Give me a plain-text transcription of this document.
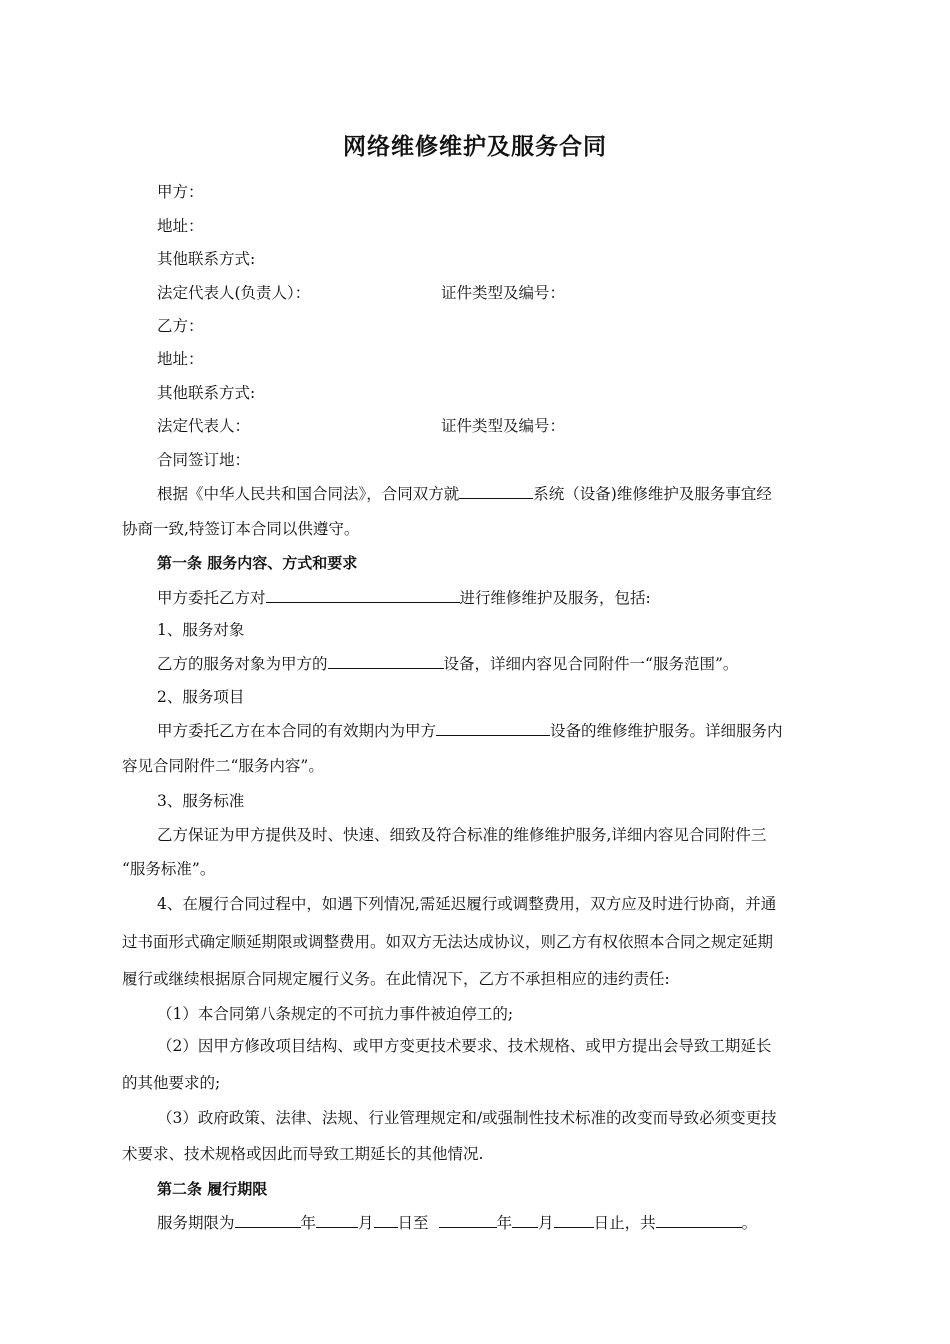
网络维修维护及服务合同
甲方：
地址：
其他联系方式:
法定代表人(负责人）：	证件类型及编号：
乙方：
地址：
其他联系方式:
法定代表人：	证件类型及编号：
合同签订地：
根据《中华人民共和国合同法》，合同双方就	系统（设备)维修维护及服务事宜经
协商一致,特签订本合同以供遵守。
第一条 服务内容、方式和要求
甲方委托乙方对	进行维修维护及服务，包括:
1、服务对象
乙方的服务对象为甲方的	设备，详细内容见合同附件一“服务范围”。
2、服务项目
甲方委托乙方在本合同的有效期内为甲方	设备的维修维护服务。详细服务内
容见合同附件二“服务内容”。
3、服务标准
乙方保证为甲方提供及时、快速、细致及符合标准的维修维护服务,详细内容见合同附件三
“服务标准”。
4、在履行合同过程中，如遇下列情况,需延迟履行或调整费用，双方应及时进行协商，并通
过书面形式确定顺延期限或调整费用。如双方无法达成协议，则乙方有权依照本合同之规定延期
履行或继续根据原合同规定履行义务。在此情况下，乙方不承担相应的违约责任:
（1）本合同第八条规定的不可抗力事件被迫停工的;
（2）因甲方修改项目结构、或甲方变更技术要求、技术规格、或甲方提出会导致工期延长
的其他要求的;
（3）政府政策、法律、法规、行业管理规定和/或强制性技术标准的改变而导致必须变更技
术要求、技术规格或因此而导致工期延长的其他情况.
第二条 履行期限
服务期限为	年	月 日至	年 月	日止，共	。
